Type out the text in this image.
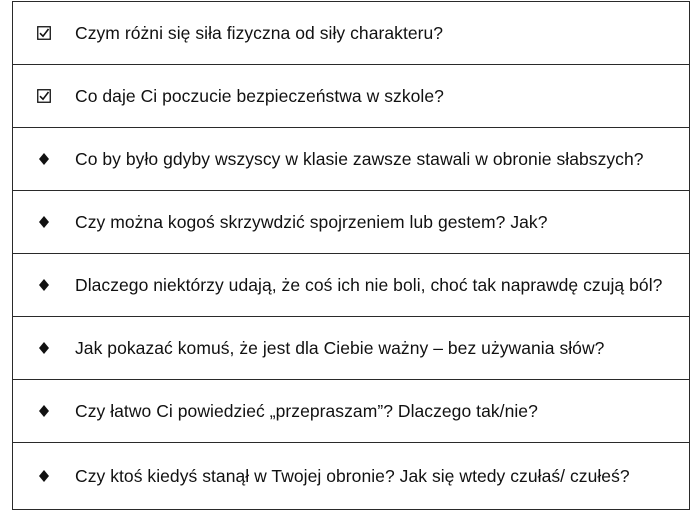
Czym różni się siła fizyczna od siły charakteru?
Co daje Ci poczucie bezpieczeństwa w szkole?
Co by było gdyby wszyscy w klasie zawsze stawali w obronie słabszych?
Czy można kogoś skrzywdzić spojrzeniem lub gestem? Jak?
Dlaczego niektórzy udają, że coś ich nie boli, choć tak naprawdę czują ból?
Jak pokazać komuś, że jest dla Ciebie ważny – bez używania słów?
Czy łatwo Ci powiedzieć „przepraszam”? Dlaczego tak/nie?
Czy ktoś kiedyś stanął w Twojej obronie? Jak się wtedy czułaś/ czułeś?
